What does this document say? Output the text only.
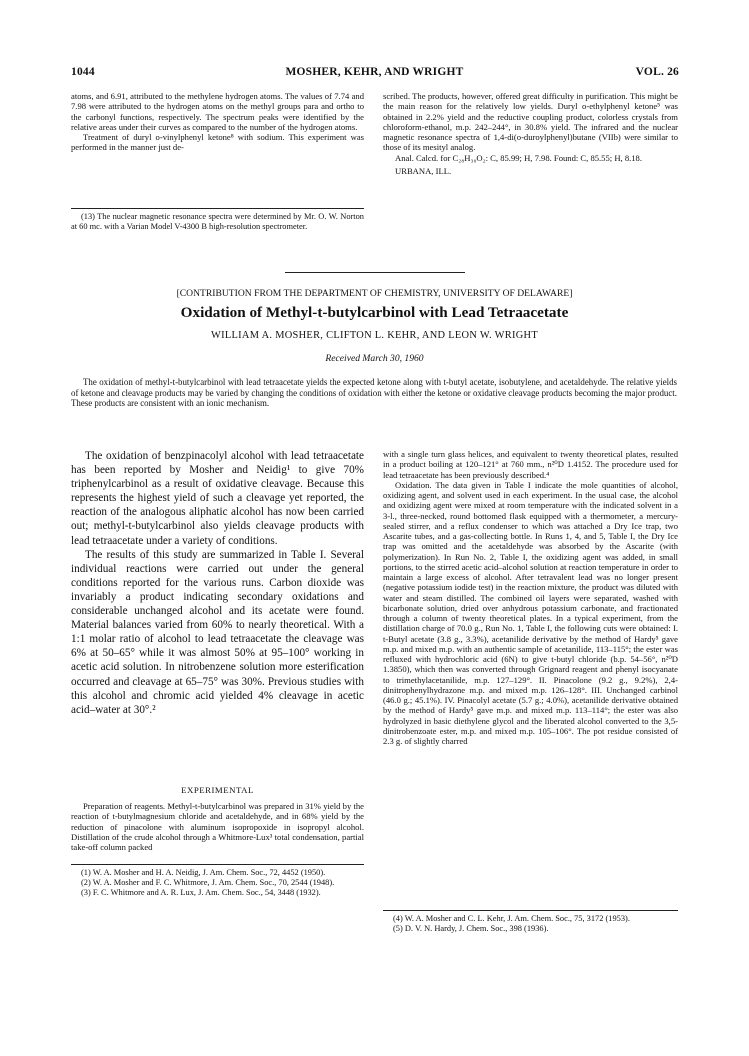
1044	MOSHER, KEHR, AND WRIGHT	VOL. 26

atoms, and 6.91, attributed to the methylene hydrogen atoms. The values of 7.74 and 7.98 were attributed to the hydrogen atoms on the methyl groups para and ortho to the carbonyl functions, respectively. The spectrum peaks were identified by the relative areas under their curves as compared to the number of the hydrogen atoms.

Treatment of duryl o-vinylphenyl ketone⁸ with sodium. This experiment was performed in the manner just de-

(13) The nuclear magnetic resonance spectra were determined by Mr. O. W. Norton at 60 mc. with a Varian Model V-4300 B high-resolution spectrometer.

scribed. The products, however, offered great difficulty in purification. This might be the main reason for the relatively low yields. Duryl o-ethylphenyl ketone⁵ was obtained in 2.2% yield and the reductive coupling product, colorless crystals from chloroform-ethanol, m.p. 242–244°, in 30.8% yield. The infrared and the nuclear magnetic resonance spectra of 1,4-di(o-duroylphenyl)butane (VIIb) were similar to those of its mesityl analog.

Anal. Calcd. for C₂₈H₃₀O₂: C, 85.99; H, 7.98. Found: C, 85.55; H, 8.18.

URBANA, ILL.

[CONTRIBUTION FROM THE DEPARTMENT OF CHEMISTRY, UNIVERSITY OF DELAWARE]
Oxidation of Methyl-t-butylcarbinol with Lead Tetraacetate
WILLIAM A. MOSHER, CLIFTON L. KEHR, AND LEON W. WRIGHT
Received March 30, 1960

The oxidation of methyl-t-butylcarbinol with lead tetraacetate yields the expected ketone along with t-butyl acetate, isobutylene, and acetaldehyde. The relative yields of ketone and cleavage products may be varied by changing the conditions of oxidation with either the ketone or oxidative cleavage products becoming the major product. These products are consistent with an ionic mechanism.

The oxidation of benzpinacolyl alcohol with lead tetraacetate has been reported by Mosher and Neidig¹ to give 70% triphenylcarbinol as a result of oxidative cleavage. Because this represents the highest yield of such a cleavage yet reported, the reaction of the analogous aliphatic alcohol has now been carried out; methyl-t-butylcarbinol also yields cleavage products with lead tetraacetate under a variety of conditions.

The results of this study are summarized in Table I. Several individual reactions were carried out under the general conditions reported for the various runs. Carbon dioxide was invariably a product indicating secondary oxidations and considerable unchanged alcohol and its acetate were found. Material balances varied from 60% to nearly theoretical. With a 1:1 molar ratio of alcohol to lead tetraacetate the cleavage was 6% at 50–65° while it was almost 50% at 95–100° working in acetic acid solution. In nitrobenzene solution more esterification occurred and cleavage at 65–75° was 30%. Previous studies with this alcohol and chromic acid yielded 4% cleavage in acetic acid–water at 30°.²

EXPERIMENTAL

Preparation of reagents. Methyl-t-butylcarbinol was prepared in 31% yield by the reaction of t-butylmagnesium chloride and acetaldehyde, and in 68% yield by the reduction of pinacolone with aluminum isopropoxide in isopropyl alcohol. Distillation of the crude alcohol through a Whitmore-Lux³ total condensation, partial take-off column packed

(1) W. A. Mosher and H. A. Neidig, J. Am. Chem. Soc., 72, 4452 (1950).

(2) W. A. Mosher and F. C. Whitmore, J. Am. Chem. Soc., 70, 2544 (1948).

(3) F. C. Whitmore and A. R. Lux, J. Am. Chem. Soc., 54, 3448 (1932).

with a single turn glass helices, and equivalent to twenty theoretical plates, resulted in a product boiling at 120–121° at 760 mm., n²⁰D 1.4152. The procedure used for lead tetraacetate has been previously described.⁴

Oxidation. The data given in Table I indicate the mole quantities of alcohol, oxidizing agent, and solvent used in each experiment. In the usual case, the alcohol and oxidizing agent were mixed at room temperature with the indicated solvent in a 3-l., three-necked, round bottomed flask equipped with a thermometer, a mercury-sealed stirrer, and a reflux condenser to which was attached a Dry Ice trap, two Ascarite tubes, and a gas-collecting bottle. In Runs 1, 4, and 5, Table I, the Dry Ice trap was omitted and the acetaldehyde was absorbed by the Ascarite (with polymerization). In Run No. 2, Table I, the oxidizing agent was added, in small portions, to the stirred acetic acid–alcohol solution at reaction temperature in order to maintain a large excess of alcohol. After tetravalent lead was no longer present (negative potassium iodide test) in the reaction mixture, the product was diluted with water and steam distilled. The combined oil layers were separated, washed with bicarbonate solution, dried over anhydrous potassium carbonate, and fractionated through a column of twenty theoretical plates. In a typical experiment, from the distillation charge of 70.0 g., Run No. 1, Table I, the following cuts were obtained: I. t-Butyl acetate (3.8 g., 3.3%), acetanilide derivative by the method of Hardy⁵ gave m.p. and mixed m.p. with an authentic sample of acetanilide, 113–115°; the ester was refluxed with hydrochloric acid (6N) to give t-butyl chloride (b.p. 54–56°, n²⁰D 1.3850), which then was converted through Grignard reagent and phenyl isocyanate to trimethylacetanilide, m.p. 127–129°. II. Pinacolone (9.2 g., 9.2%), 2,4-dinitrophenylhydrazone m.p. and mixed m.p. 126–128°. III. Unchanged carbinol (46.0 g.; 45.1%). IV. Pinacolyl acetate (5.7 g.; 4.0%), acetanilide derivative obtained by the method of Hardy⁵ gave m.p. and mixed m.p. 113–114°; the ester was also hydrolyzed in basic diethylene glycol and the liberated alcohol converted to the 3,5-dinitrobenzoate ester, m.p. and mixed m.p. 105–106°. The pot residue consisted of 2.3 g. of slightly charred

(4) W. A. Mosher and C. L. Kehr, J. Am. Chem. Soc., 75, 3172 (1953).

(5) D. V. N. Hardy, J. Chem. Soc., 398 (1936).
